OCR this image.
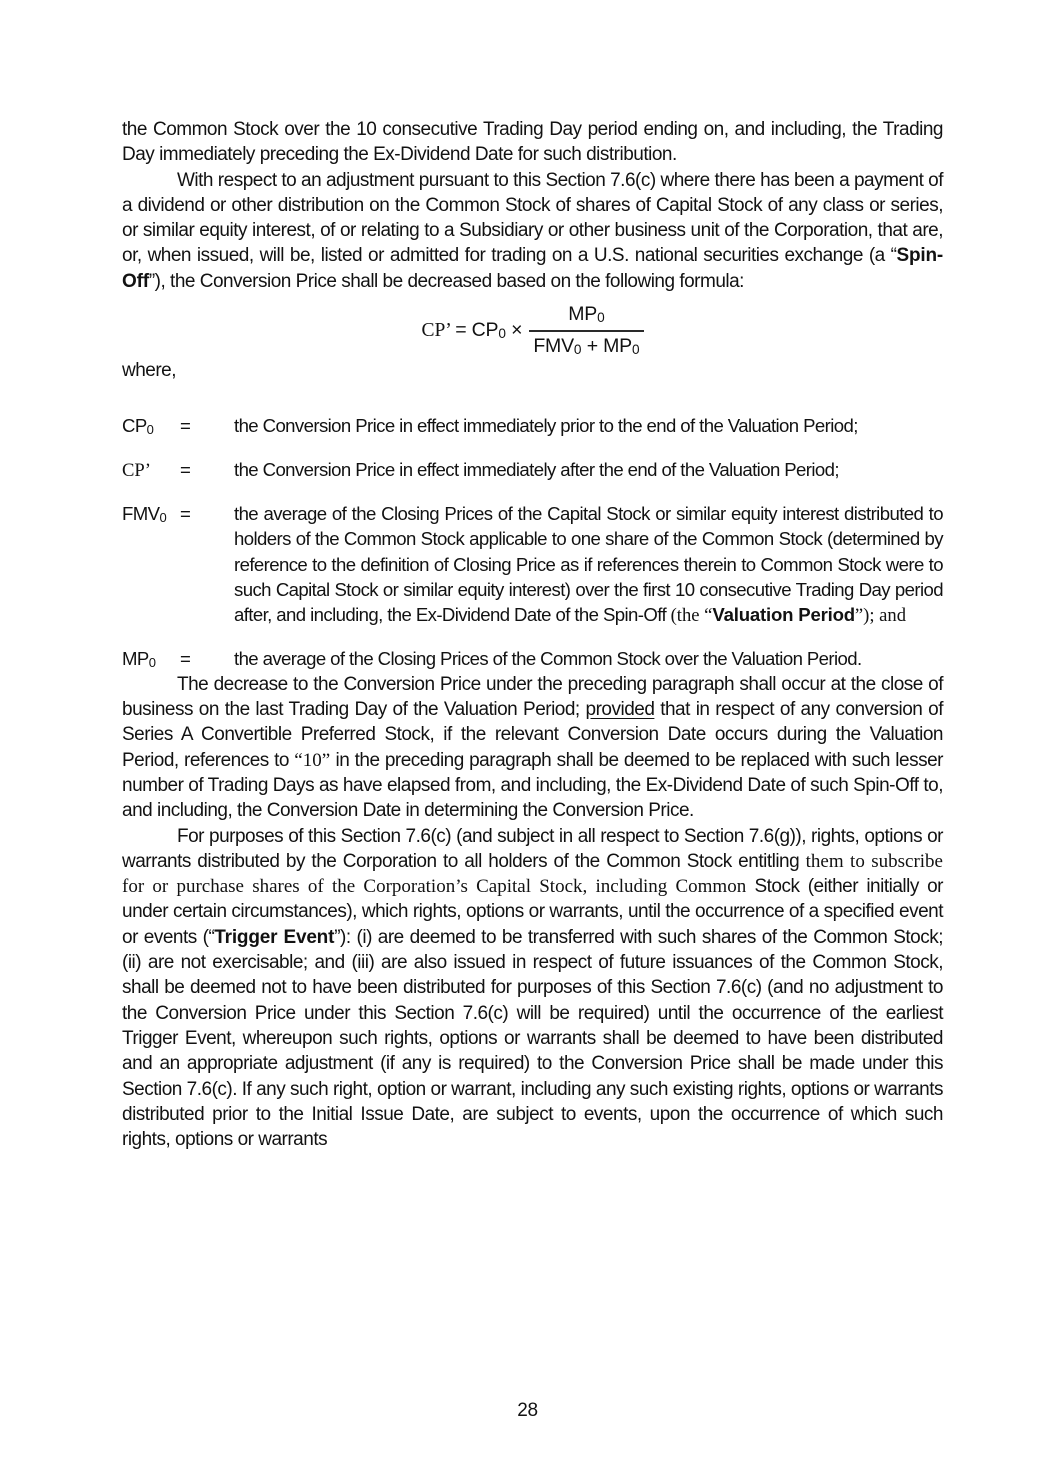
the Common Stock over the 10 consecutive Trading Day period ending on, and including, the Trading Day immediately preceding the Ex-Dividend Date for such distribution.

With respect to an adjustment pursuant to this Section 7.6(c) where there has been a payment of a dividend or other distribution on the Common Stock of shares of Capital Stock of any class or series, or similar equity interest, of or relating to a Subsidiary or other business unit of the Corporation, that are, or, when issued, will be, listed or admitted for trading on a U.S. national securities exchange (a “Spin-Off”), the Conversion Price shall be decreased based on the following formula:

CP’ = $CP_0 \times \frac{MP_0}{FMV_0 + MP_0}$
where,
$CP_0$	=	the Conversion Price in effect immediately prior to the end of the Valuation Period;
CP’	=	the Conversion Price in effect immediately after the end of the Valuation Period;
$FMV_0$ =	the average of the Closing Prices of the Capital Stock or similar equity interest distributed to holders of the Common Stock applicable to one share of the Common Stock (determined by reference to the definition of Closing Price as if references therein to Common Stock were to such Capital Stock or similar equity interest) over the first 10 consecutive Trading Day period after, and including, the Ex-Dividend Date of the Spin-Off (the “Valuation Period”); and
$MP_0$	=	the average of the Closing Prices of the Common Stock over the Valuation Period.

The decrease to the Conversion Price under the preceding paragraph shall occur at the close of business on the last Trading Day of the Valuation Period; provided that in respect of any conversion of Series A Convertible Preferred Stock, if the relevant Conversion Date occurs during the Valuation Period, references to “10” in the preceding paragraph shall be deemed to be replaced with such lesser number of Trading Days as have elapsed from, and including, the Ex-Dividend Date of such Spin-Off to, and including, the Conversion Date in determining the Conversion Price.

For purposes of this Section 7.6(c) (and subject in all respect to Section 7.6(g)), rights, options or warrants distributed by the Corporation to all holders of the Common Stock entitling them to subscribe for or purchase shares of the Corporation’s Capital Stock, including Common Stock (either initially or under certain circumstances), which rights, options or warrants, until the occurrence of a specified event or events (“Trigger Event”): (i) are deemed to be transferred with such shares of the Common Stock; (ii) are not exercisable; and (iii) are also issued in respect of future issuances of the Common Stock, shall be deemed not to have been distributed for purposes of this Section 7.6(c) (and no adjustment to the Conversion Price under this Section 7.6(c) will be required) until the occurrence of the earliest Trigger Event, whereupon such rights, options or warrants shall be deemed to have been distributed and an appropriate adjustment (if any is required) to the Conversion Price shall be made under this Section 7.6(c). If any such right, option or warrant, including any such existing rights, options or warrants distributed prior to the Initial Issue Date, are subject to events, upon the occurrence of which such rights, options or warrants

28
